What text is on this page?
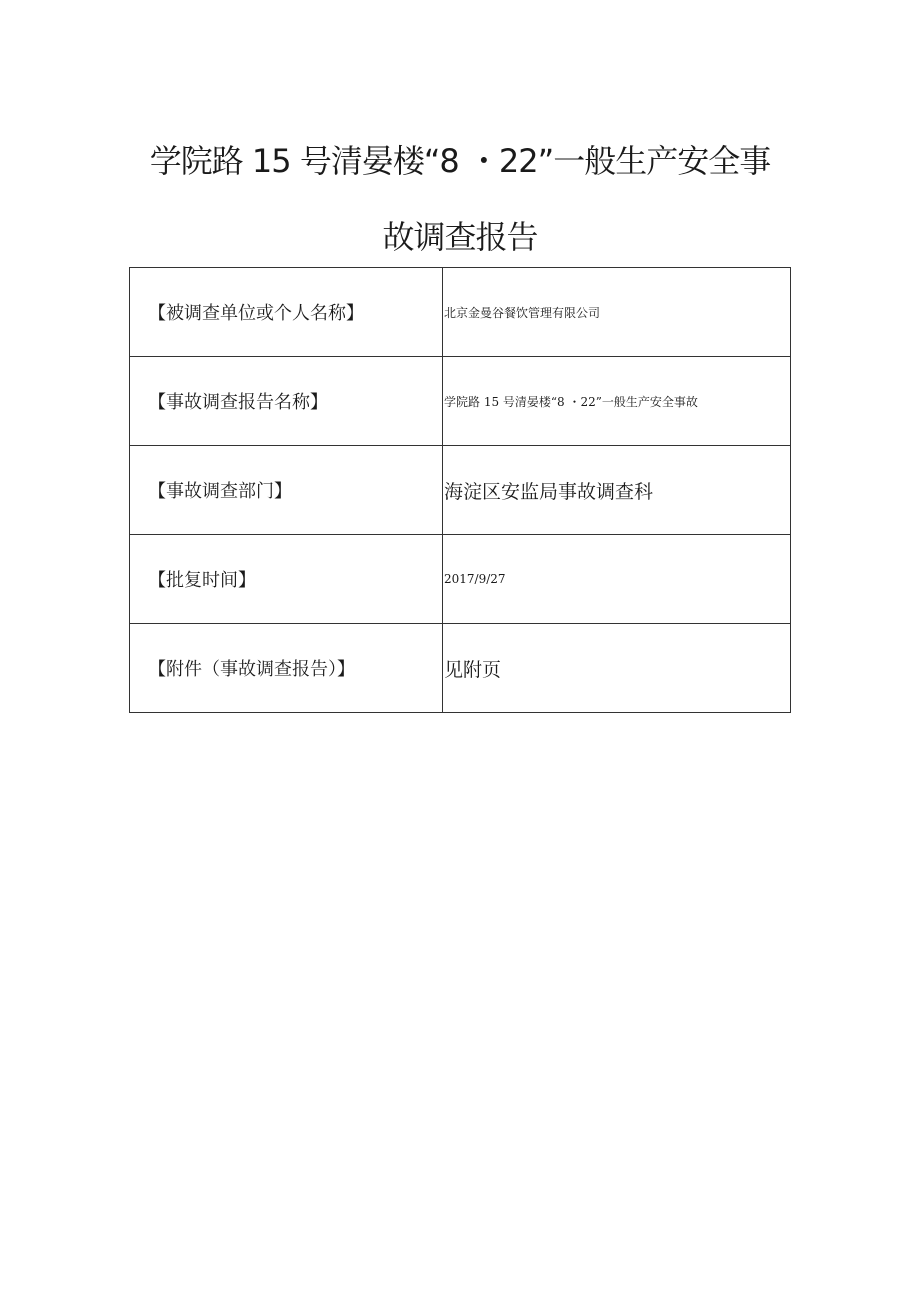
学院路 15 号清晏楼“8 ・22”一般生产安全事
故调查报告
【被调查单位或个人名称】	北京金曼谷餐饮管理有限公司
【事故调查报告名称】	学院路 15 号清晏楼“8 ・22”一般生产安全事故
【事故调查部门】	海淀区安监局事故调查科
【批复时间】	2017/9/27
【附件（事故调查报告）】	见附页
